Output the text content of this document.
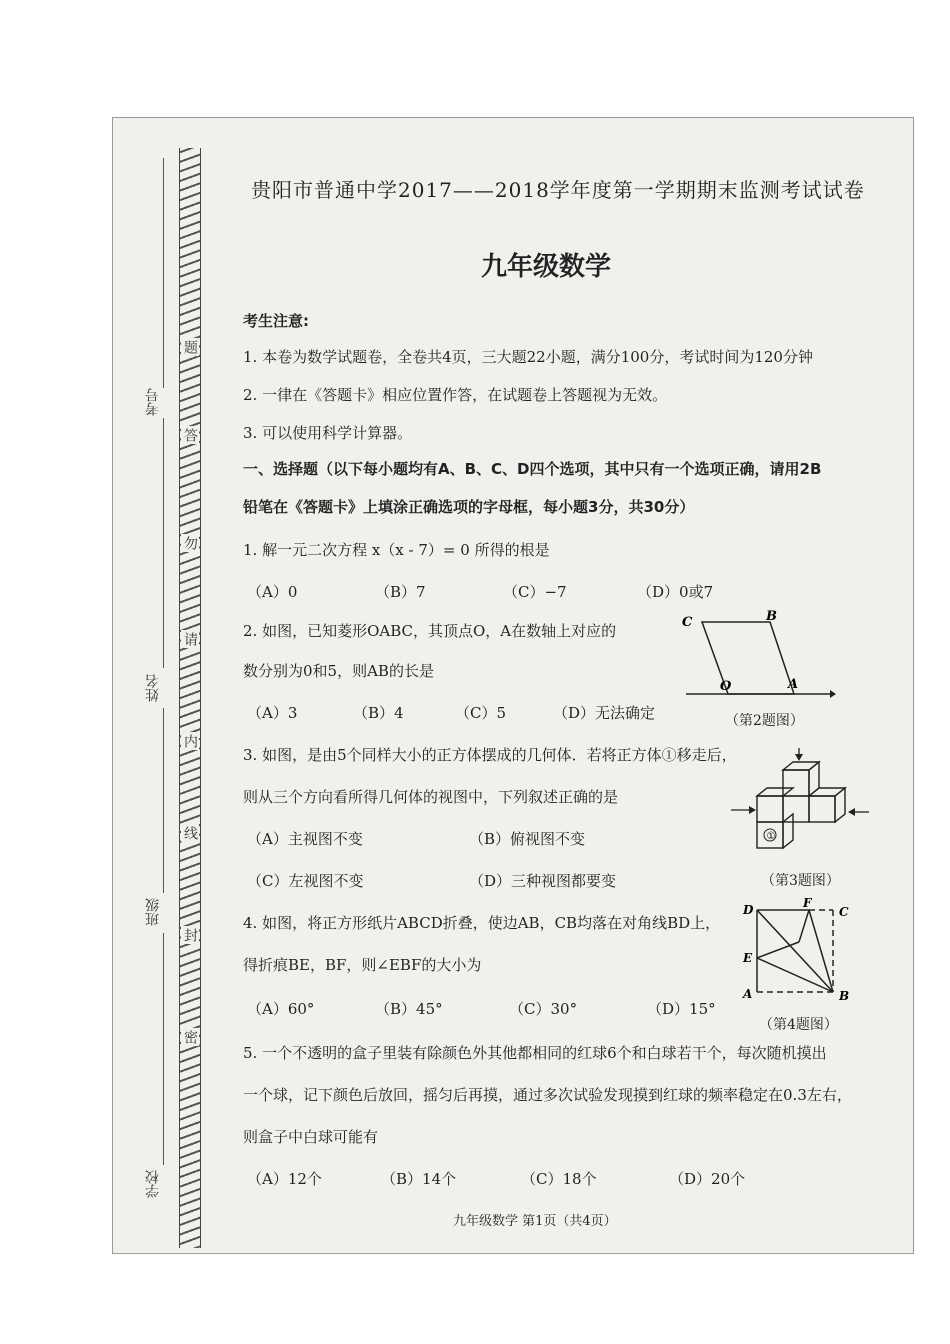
题
答
勿
请
内
线
封
密
考号
姓名
班级
学校
贵阳市普通中学2017——2018学年度第一学期期末监测考试试卷
九年级数学
考生注意:
1. 本卷为数学试题卷，全卷共4页，三大题22小题，满分100分，考试时间为120分钟
2. 一律在《答题卡》相应位置作答，在试题卷上答题视为无效。
3. 可以使用科学计算器。
一、选择题（以下每小题均有A、B、C、D四个选项，其中只有一个选项正确，请用2B
铅笔在《答题卡》上填涂正确选项的字母框，每小题3分，共30分）
1. 解一元二次方程 x（x - 7）= 0 所得的根是
（A）0	（B）7	（C）−7	（D）0或7
2. 如图，已知菱形OABC，其顶点O，A在数轴上对应的
数分别为0和5，则AB的长是
（A）3	（B）4	（C）5	（D）无法确定
C	B
O	A
（第2题图）
3. 如图，是由5个同样大小的正方体摆成的几何体．若将正方体①移走后，
则从三个方向看所得几何体的视图中，下列叙述正确的是
（A）主视图不变	（B）俯视图不变
（C）左视图不变	（D）三种视图都要变
①
（第3题图）
4. 如图，将正方形纸片ABCD折叠，使边AB，CB均落在对角线BD上，
得折痕BE，BF，则∠EBF的大小为
（A）60°	（B）45°	（C）30°	（D）15°
D	F
C
E
A	B
（第4题图）
5. 一个不透明的盒子里装有除颜色外其他都相同的红球6个和白球若干个，每次随机摸出
一个球，记下颜色后放回，摇匀后再摸，通过多次试验发现摸到红球的频率稳定在0.3左右，
则盒子中白球可能有
（A）12个	（B）14个	（C）18个	（D）20个
九年级数学 第1页（共4页）
